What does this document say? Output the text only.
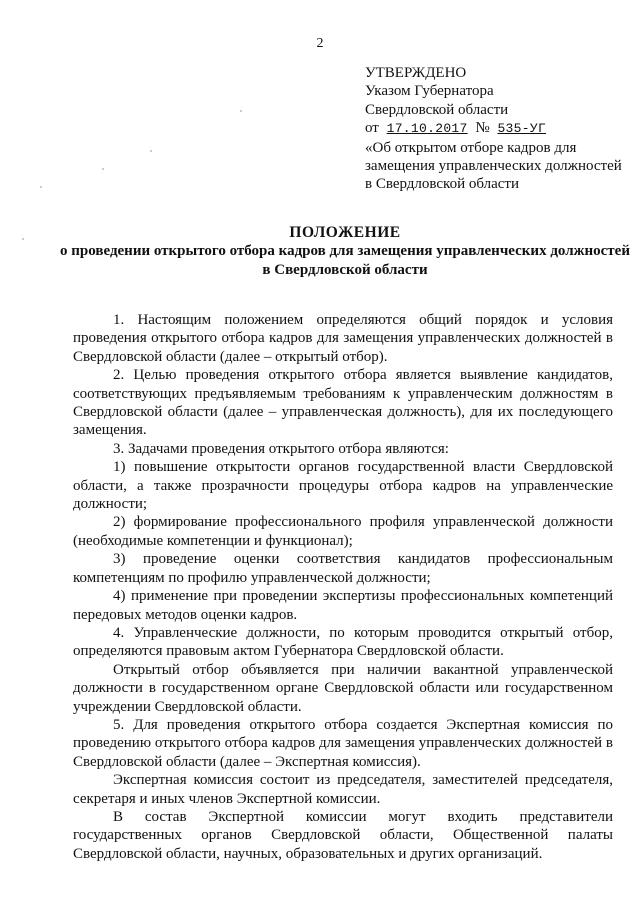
2
УТВЕРЖДЕНО
Указом Губернатора
Свердловской области
от 17.10.2017 № 535-УГ
«Об открытом отборе кадров для замещения управленческих должностей в Свердловской области
ПОЛОЖЕНИЕ
о проведении открытого отбора кадров для замещения управленческих должностей в Свердловской области

1. Настоящим положением определяются общий порядок и условия проведения открытого отбора кадров для замещения управленческих должностей в Свердловской области (далее – открытый отбор).

2. Целью проведения открытого отбора является выявление кандидатов, соответствующих предъявляемым требованиям к управленческим должностям в Свердловской области (далее – управленческая должность), для их последующего замещения.

3. Задачами проведения открытого отбора являются:

1) повышение открытости органов государственной власти Свердловской области, а также прозрачности процедуры отбора кадров на управленческие должности;

2) формирование профессионального профиля управленческой должности (необходимые компетенции и функционал);

3) проведение оценки соответствия кандидатов профессиональным компетенциям по профилю управленческой должности;

4) применение при проведении экспертизы профессиональных компетенций передовых методов оценки кадров.

4. Управленческие должности, по которым проводится открытый отбор, определяются правовым актом Губернатора Свердловской области.

Открытый отбор объявляется при наличии вакантной управленческой должности в государственном органе Свердловской области или государственном учреждении Свердловской области.

5. Для проведения открытого отбора создается Экспертная комиссия по проведению открытого отбора кадров для замещения управленческих должностей в Свердловской области (далее – Экспертная комиссия).

Экспертная комиссия состоит из председателя, заместителей председателя, секретаря и иных членов Экспертной комиссии.

В состав Экспертной комиссии могут входить представители государственных органов Свердловской области, Общественной палаты Свердловской области, научных, образовательных и других организаций.
